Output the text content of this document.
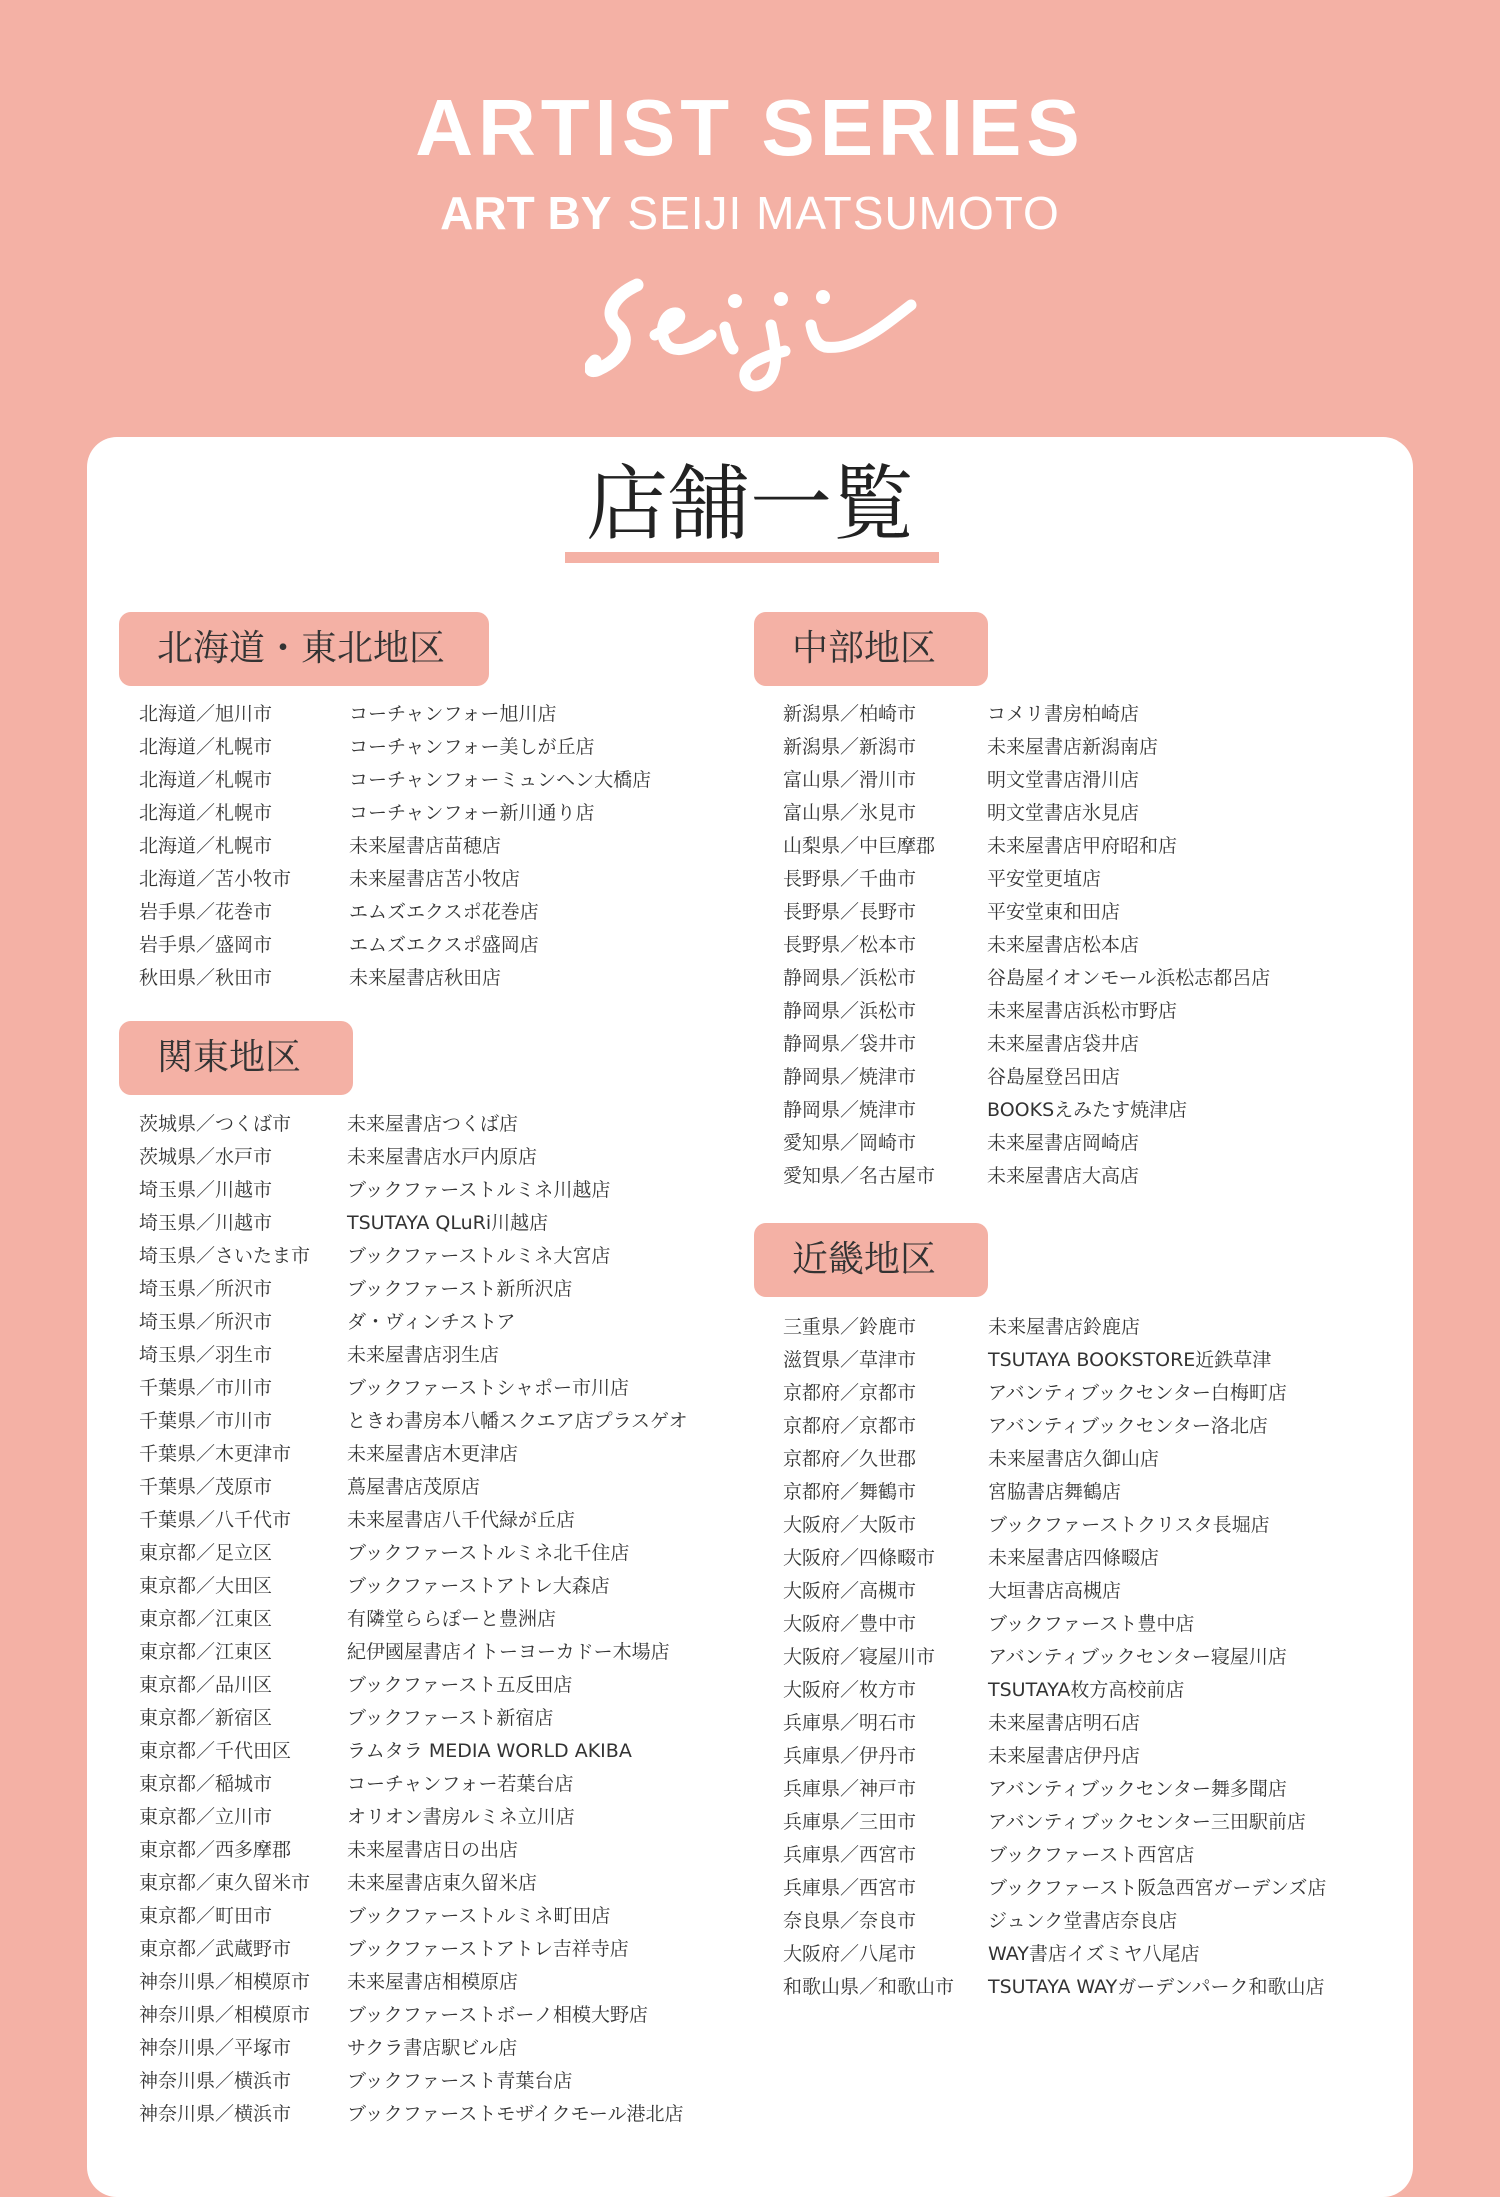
ARTIST SERIES
ART BY SEIJI MATSUMOTO
店舗一覧
北海道・東北地区
北海道／旭川市	コーチャンフォー旭川店
北海道／札幌市	コーチャンフォー美しが丘店
北海道／札幌市	コーチャンフォーミュンヘン大橋店
北海道／札幌市	コーチャンフォー新川通り店
北海道／札幌市	未来屋書店苗穂店
北海道／苫小牧市	未来屋書店苫小牧店
岩手県／花巻市	エムズエクスポ花巻店
岩手県／盛岡市	エムズエクスポ盛岡店
秋田県／秋田市	未来屋書店秋田店
関東地区
茨城県／つくば市	未来屋書店つくば店
茨城県／水戸市	未来屋書店水戸内原店
埼玉県／川越市	ブックファーストルミネ川越店
埼玉県／川越市	TSUTAYA QLuRi川越店
埼玉県／さいたま市 ブックファーストルミネ大宮店
埼玉県／所沢市	ブックファースト新所沢店
埼玉県／所沢市	ダ・ヴィンチストア
埼玉県／羽生市	未来屋書店羽生店
千葉県／市川市	ブックファーストシャポー市川店
千葉県／市川市	ときわ書房本八幡スクエア店プラスゲオ
千葉県／木更津市	未来屋書店木更津店
千葉県／茂原市	蔦屋書店茂原店
千葉県／八千代市	未来屋書店八千代緑が丘店
東京都／足立区	ブックファーストルミネ北千住店
東京都／大田区	ブックファーストアトレ大森店
東京都／江東区	有隣堂ららぽーと豊洲店
東京都／江東区	紀伊國屋書店イトーヨーカドー木場店
東京都／品川区	ブックファースト五反田店
東京都／新宿区	ブックファースト新宿店
東京都／千代田区	ラムタラ MEDIA WORLD AKIBA
東京都／稲城市	コーチャンフォー若葉台店
東京都／立川市	オリオン書房ルミネ立川店
東京都／西多摩郡	未来屋書店日の出店
東京都／東久留米市 未来屋書店東久留米店
東京都／町田市	ブックファーストルミネ町田店
東京都／武蔵野市	ブックファーストアトレ吉祥寺店
神奈川県／相模原市 未来屋書店相模原店
神奈川県／相模原市 ブックファーストボーノ相模大野店
神奈川県／平塚市	サクラ書店駅ビル店
神奈川県／横浜市	ブックファースト青葉台店
神奈川県／横浜市	ブックファーストモザイクモール港北店
中部地区
新潟県／柏崎市	コメリ書房柏崎店
新潟県／新潟市	未来屋書店新潟南店
富山県／滑川市	明文堂書店滑川店
富山県／氷見市	明文堂書店氷見店
山梨県／中巨摩郡	未来屋書店甲府昭和店
長野県／千曲市	平安堂更埴店
長野県／長野市	平安堂東和田店
長野県／松本市	未来屋書店松本店
静岡県／浜松市	谷島屋イオンモール浜松志都呂店
静岡県／浜松市	未来屋書店浜松市野店
静岡県／袋井市	未来屋書店袋井店
静岡県／焼津市	谷島屋登呂田店
静岡県／焼津市	BOOKSえみたす焼津店
愛知県／岡崎市	未来屋書店岡崎店
愛知県／名古屋市	未来屋書店大高店
近畿地区
三重県／鈴鹿市	未来屋書店鈴鹿店
滋賀県／草津市	TSUTAYA BOOKSTORE近鉄草津
京都府／京都市	アバンティブックセンター白梅町店
京都府／京都市	アバンティブックセンター洛北店
京都府／久世郡	未来屋書店久御山店
京都府／舞鶴市	宮脇書店舞鶴店
大阪府／大阪市	ブックファーストクリスタ長堀店
大阪府／四條畷市	未来屋書店四條畷店
大阪府／高槻市	大垣書店高槻店
大阪府／豊中市	ブックファースト豊中店
大阪府／寝屋川市	アバンティブックセンター寝屋川店
大阪府／枚方市	TSUTAYA枚方高校前店
兵庫県／明石市	未来屋書店明石店
兵庫県／伊丹市	未来屋書店伊丹店
兵庫県／神戸市	アバンティブックセンター舞多聞店
兵庫県／三田市	アバンティブックセンター三田駅前店
兵庫県／西宮市	ブックファースト西宮店
兵庫県／西宮市	ブックファースト阪急西宮ガーデンズ店
奈良県／奈良市	ジュンク堂書店奈良店
大阪府／八尾市	WAY書店イズミヤ八尾店
和歌山県／和歌山市 TSUTAYA WAYガーデンパーク和歌山店
